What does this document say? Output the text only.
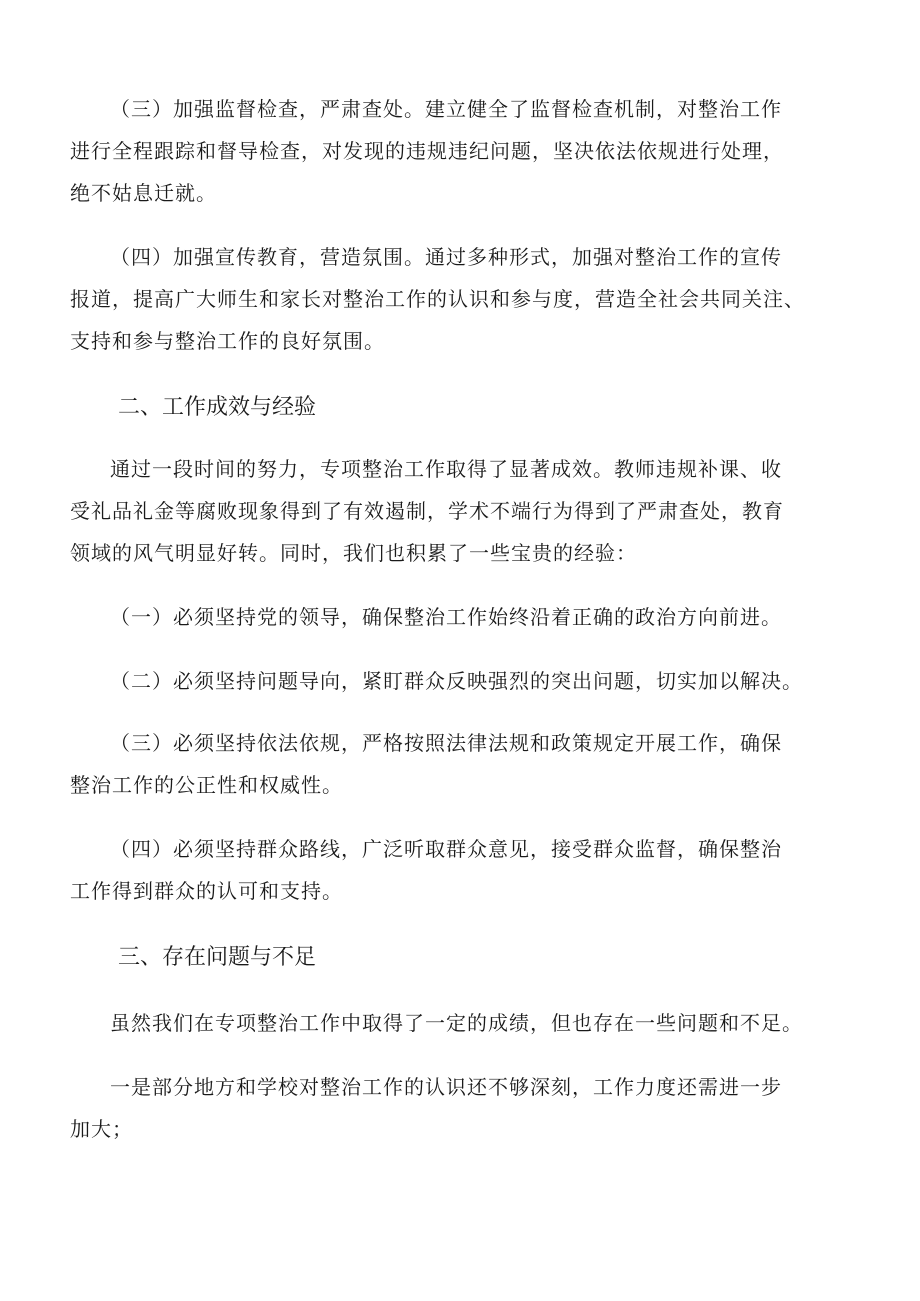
（三）加强监督检查，严肃查处。建立健全了监督检查机制，对整治工作
进行全程跟踪和督导检查，对发现的违规违纪问题，坚决依法依规进行处理，
绝不姑息迁就。
（四）加强宣传教育，营造氛围。通过多种形式，加强对整治工作的宣传
报道，提高广大师生和家长对整治工作的认识和参与度，营造全社会共同关注、
支持和参与整治工作的良好氛围。
二、工作成效与经验
通过一段时间的努力，专项整治工作取得了显著成效。教师违规补课、收
受礼品礼金等腐败现象得到了有效遏制，学术不端行为得到了严肃查处，教育
领域的风气明显好转。同时，我们也积累了一些宝贵的经验：
（一）必须坚持党的领导，确保整治工作始终沿着正确的政治方向前进。
（二）必须坚持问题导向，紧盯群众反映强烈的突出问题，切实加以解决。
（三）必须坚持依法依规，严格按照法律法规和政策规定开展工作，确保
整治工作的公正性和权威性。
（四）必须坚持群众路线，广泛听取群众意见，接受群众监督，确保整治
工作得到群众的认可和支持。
三、存在问题与不足
虽然我们在专项整治工作中取得了一定的成绩，但也存在一些问题和不足。
一是部分地方和学校对整治工作的认识还不够深刻，工作力度还需进一步
加大；
